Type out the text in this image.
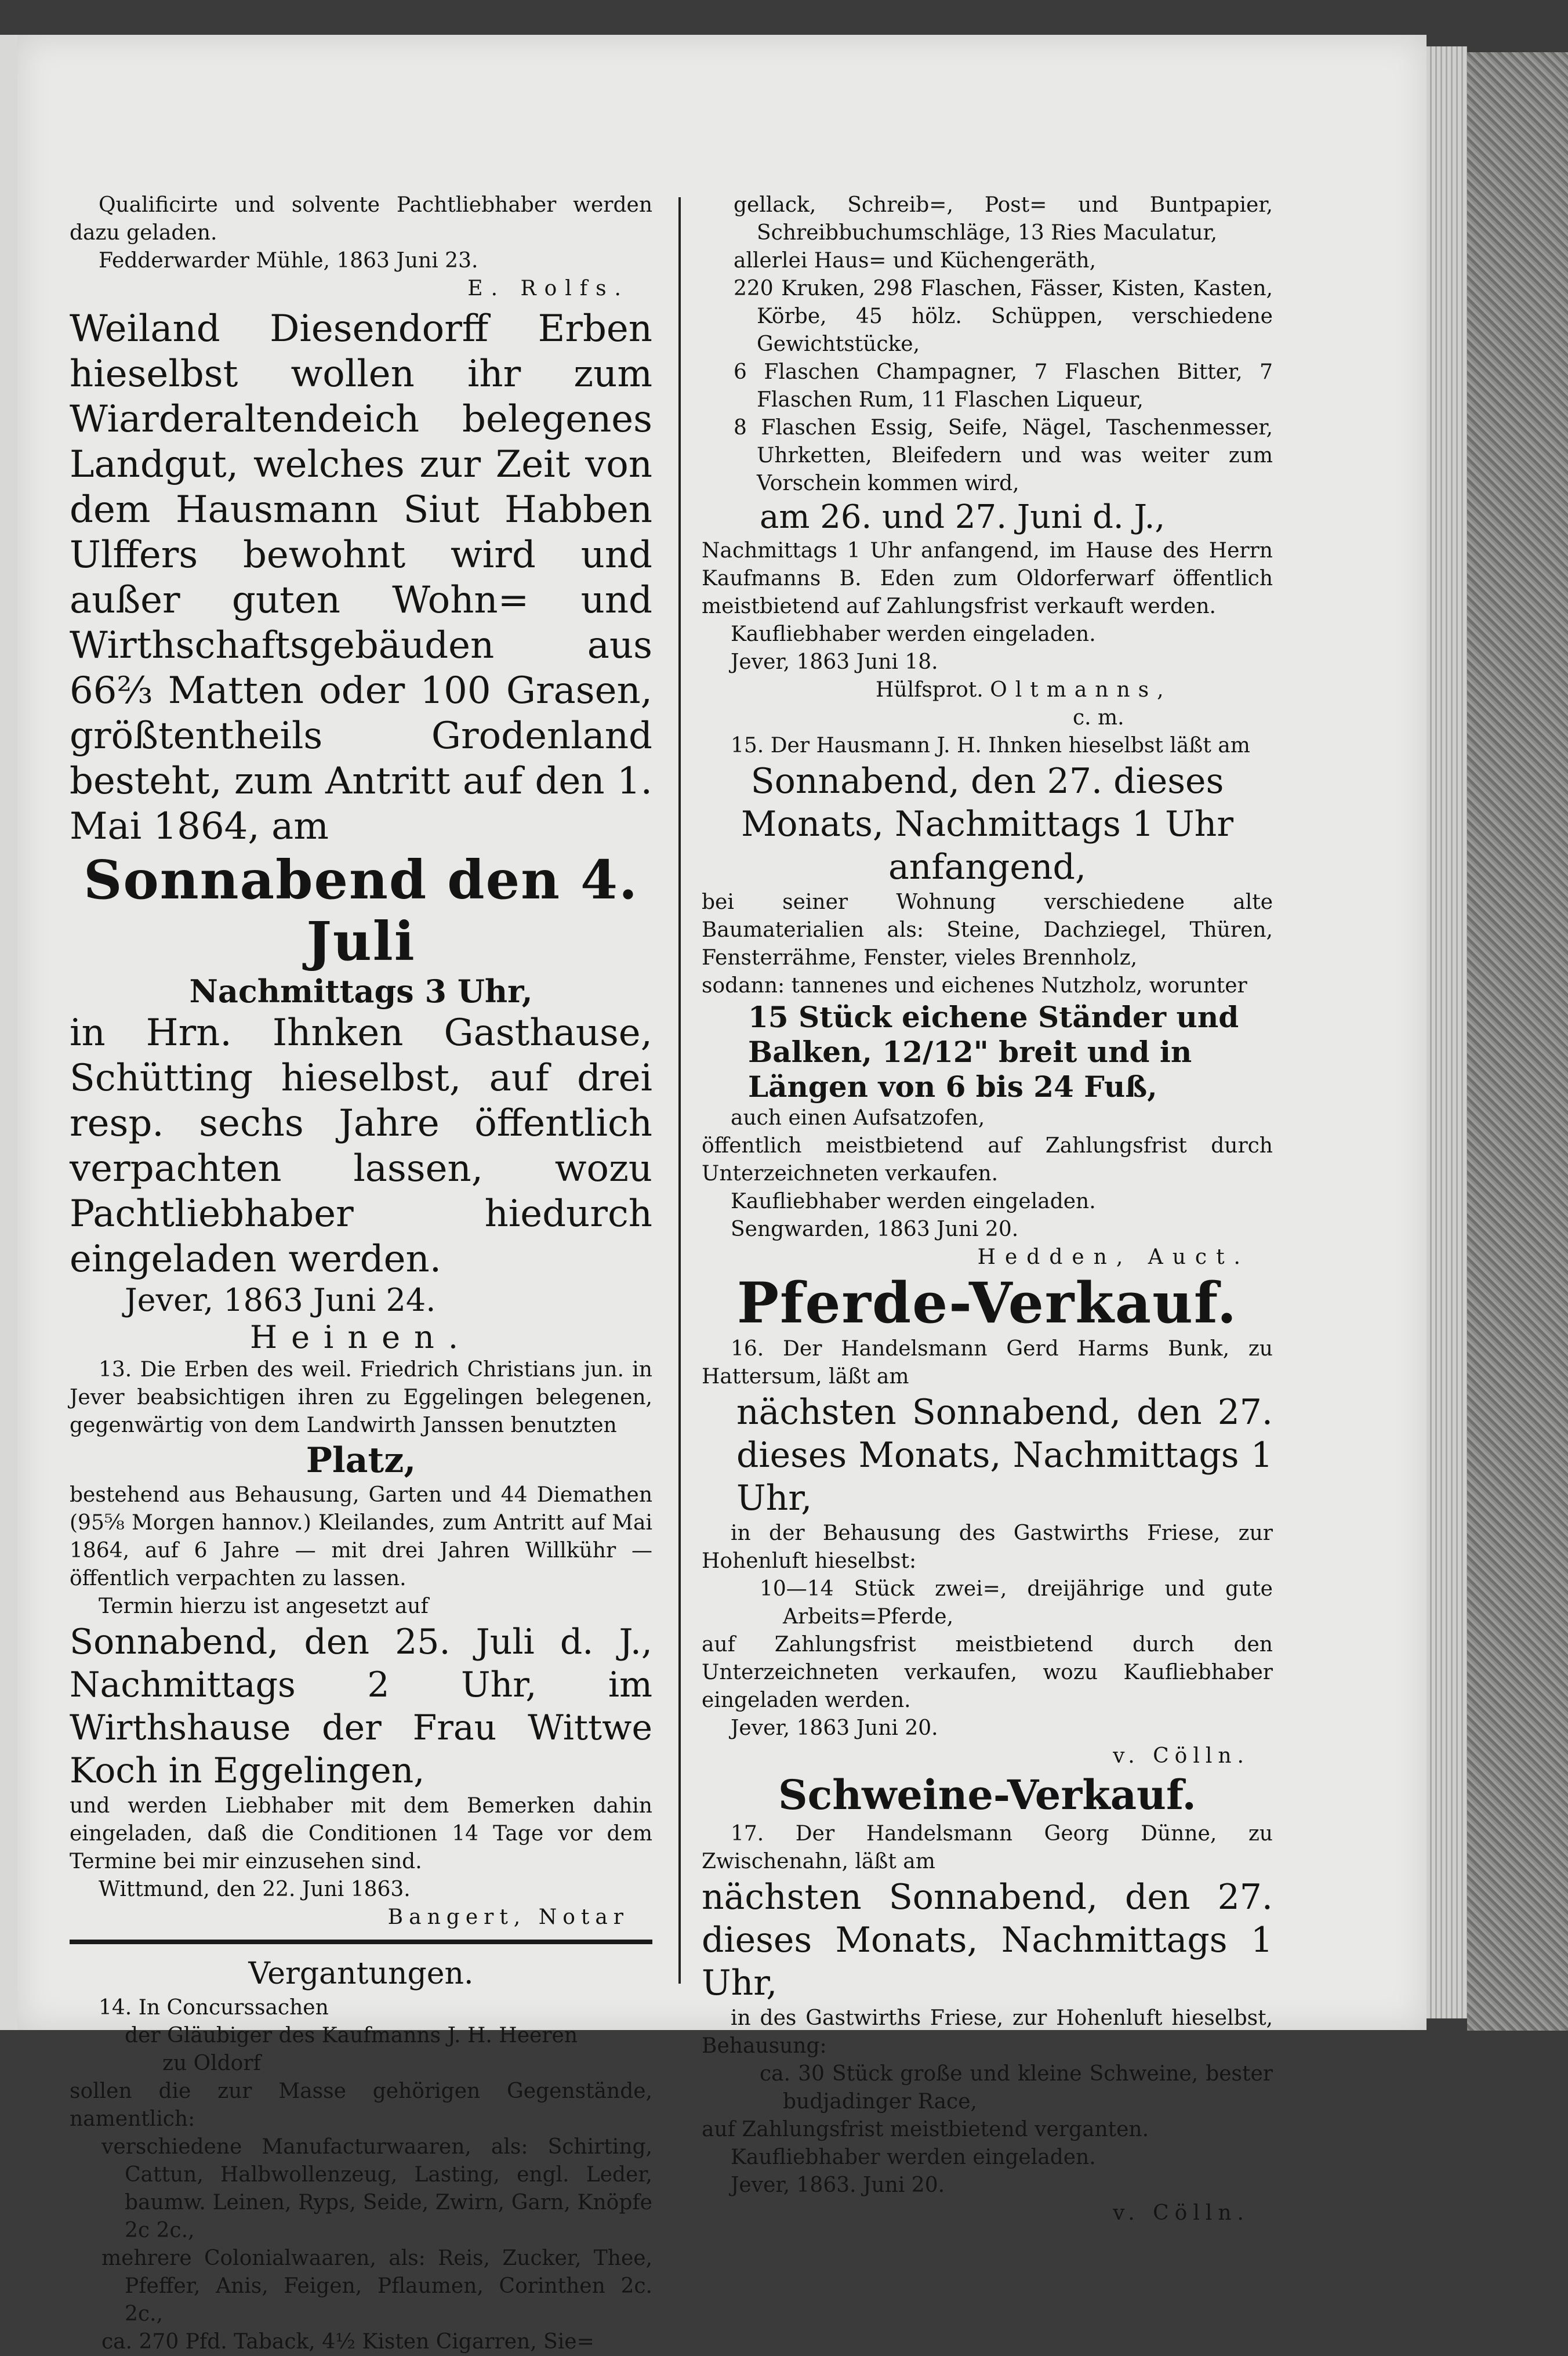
Qualificirte und solvente Pachtliebhaber werden dazu geladen.

Fedderwarder Mühle, 1863 Juni 23.

E. Rolfs.

Weiland Diesendorff Erben hieselbst wollen ihr zum Wiarderaltendeich belegenes Landgut, welches zur Zeit von dem Hausmann Siut Habben Ulffers bewohnt wird und außer guten Wohn= und Wirthschaftsgebäuden aus 66⅔ Matten oder 100 Grasen, größtentheils Grodenland besteht, zum Antritt auf den 1. Mai 1864, am

Sonnabend den 4. Juli

Nachmittags 3 Uhr,

in Hrn. Ihnken Gasthause, Schütting hieselbst, auf drei resp. sechs Jahre öffentlich verpachten lassen, wozu Pachtliebhaber hiedurch eingeladen werden.

Jever, 1863 Juni 24.

Heinen.

13. Die Erben des weil. Friedrich Christians jun. in Jever beabsichtigen ihren zu Eggelingen belegenen, gegenwärtig von dem Landwirth Janssen benutzten

Platz,

bestehend aus Behausung, Garten und 44 Diemathen (95⅝ Morgen hannov.) Kleilandes, zum Antritt auf Mai 1864, auf 6 Jahre — mit drei Jahren Willkühr — öffentlich verpachten zu lassen.

Termin hierzu ist angesetzt auf

Sonnabend, den 25. Juli d. J., Nachmittags 2 Uhr, im Wirthshause der Frau Wittwe Koch in Eggelingen,

und werden Liebhaber mit dem Bemerken dahin eingeladen, daß die Conditionen 14 Tage vor dem Termine bei mir einzusehen sind.

Wittmund, den 22. Juni 1863.

Bangert, Notar

Vergantungen.

14. In Concurssachen

der Gläubiger des Kaufmanns J. H. Heeren

zu Oldorf

sollen die zur Masse gehörigen Gegenstände, namentlich:

verschiedene Manufacturwaaren, als: Schirting, Cattun, Halbwollenzeug, Lasting, engl. Leder, baumw. Leinen, Ryps, Seide, Zwirn, Garn, Knöpfe 2c 2c.,

mehrere Colonialwaaren, als: Reis, Zucker, Thee, Pfeffer, Anis, Feigen, Pflaumen, Corinthen 2c. 2c.,

ca. 270 Pfd. Taback, 4½ Kisten Cigarren, Sie=

gellack, Schreib=, Post= und Buntpapier, Schreibbuchumschläge, 13 Ries Maculatur,

allerlei Haus= und Küchengeräth,

220 Kruken, 298 Flaschen, Fässer, Kisten, Kasten, Körbe, 45 hölz. Schüppen, verschiedene Gewichtstücke,

6 Flaschen Champagner, 7 Flaschen Bitter, 7 Flaschen Rum, 11 Flaschen Liqueur,

8 Flaschen Essig, Seife, Nägel, Taschenmesser, Uhrketten, Bleifedern und was weiter zum Vorschein kommen wird,

am 26. und 27. Juni d. J.,

Nachmittags 1 Uhr anfangend, im Hause des Herrn Kaufmanns B. Eden zum Oldorferwarf öffentlich meistbietend auf Zahlungsfrist verkauft werden.

Kaufliebhaber werden eingeladen.

Jever, 1863 Juni 18.

Hülfsprot. Oltmanns,

c. m.

15. Der Hausmann J. H. Ihnken hieselbst läßt am

Sonnabend, den 27. dieses Monats, Nachmittags 1 Uhr anfangend,

bei seiner Wohnung verschiedene alte Baumaterialien als: Steine, Dachziegel, Thüren, Fensterrähme, Fenster, vieles Brennholz,

sodann: tannenes und eichenes Nutzholz, worunter

15 Stück eichene Ständer und Balken, 12/12" breit und in Längen von 6 bis 24 Fuß,

auch einen Aufsatzofen,

öffentlich meistbietend auf Zahlungsfrist durch Unterzeichneten verkaufen.

Kaufliebhaber werden eingeladen.

Sengwarden, 1863 Juni 20.

Hedden, Auct.

Pferde-Verkauf.

16. Der Handelsmann Gerd Harms Bunk, zu Hattersum, läßt am

nächsten Sonnabend, den 27. dieses Monats, Nachmittags 1 Uhr,

in der Behausung des Gastwirths Friese, zur Hohenluft hieselbst:

10—14 Stück zwei=, dreijährige und gute Arbeits=Pferde,

auf Zahlungsfrist meistbietend durch den Unterzeichneten verkaufen, wozu Kaufliebhaber eingeladen werden.

Jever, 1863 Juni 20.

v. Cölln.

Schweine-Verkauf.

17. Der Handelsmann Georg Dünne, zu Zwischenahn, läßt am

nächsten Sonnabend, den 27. dieses Monats, Nachmittags 1 Uhr,

in des Gastwirths Friese, zur Hohenluft hieselbst, Behausung:

ca. 30 Stück große und kleine Schweine, bester budjadinger Race,

auf Zahlungsfrist meistbietend verganten.

Kaufliebhaber werden eingeladen.

Jever, 1863. Juni 20.

v. Cölln.
